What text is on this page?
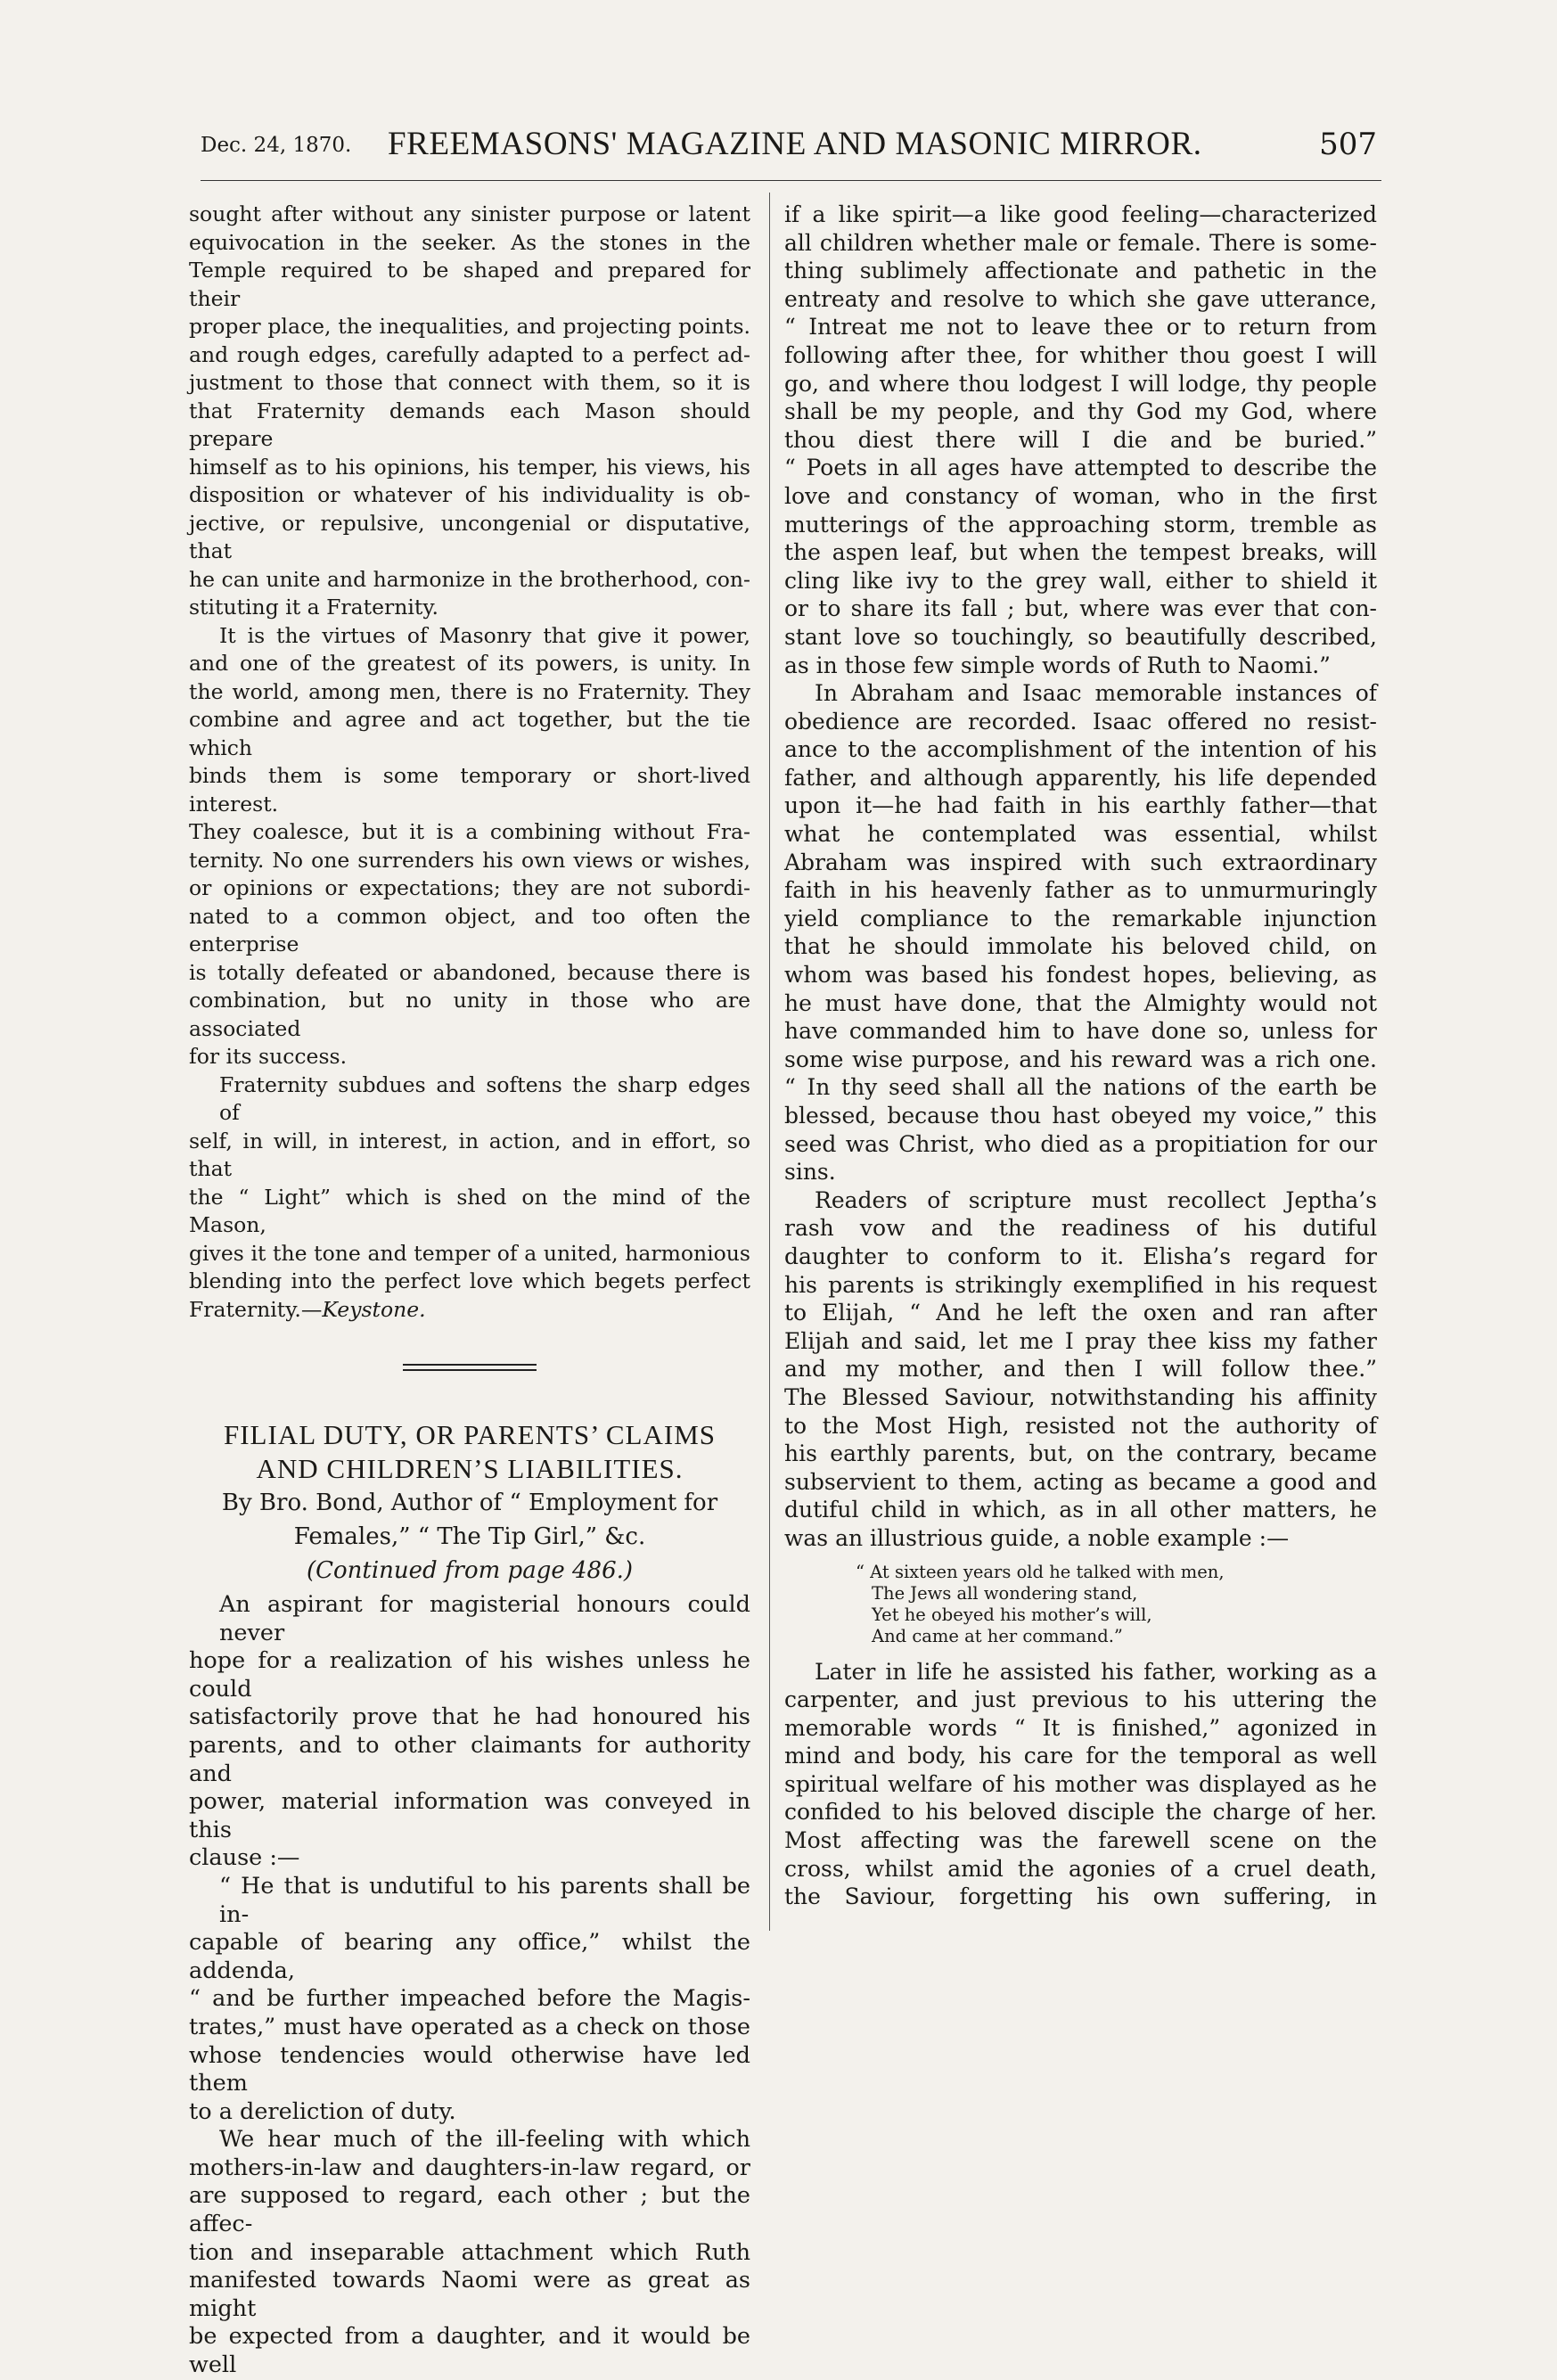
Dec. 24, 1870. FREEMASONS' MAGAZINE AND MASONIC MIRROR.	507

sought after without any sinister purpose or latent
equivocation in the seeker. As the stones in the
Temple required to be shaped and prepared for their
proper place, the inequalities, and projecting points.
and rough edges, carefully adapted to a perfect ad-
justment to those that connect with them, so it is
that Fraternity demands each Mason should prepare
himself as to his opinions, his temper, his views, his
disposition or whatever of his individuality is ob-
jective, or repulsive, uncongenial or disputative, that
he can unite and harmonize in the brotherhood, con-
stituting it a Fraternity.

It is the virtues of Masonry that give it power,
and one of the greatest of its powers, is unity. In
the world, among men, there is no Fraternity. They
combine and agree and act together, but the tie which
binds them is some temporary or short-lived interest.
They coalesce, but it is a combining without Fra-
ternity. No one surrenders his own views or wishes,
or opinions or expectations; they are not subordi-
nated to a common object, and too often the enterprise
is totally defeated or abandoned, because there is
combination, but no unity in those who are associated
for its success.

Fraternity subdues and softens the sharp edges of
self, in will, in interest, in action, and in effort, so that
the “ Light” which is shed on the mind of the Mason,
gives it the tone and temper of a united, harmonious
blending into the perfect love which begets perfect

Fraternity.—Keystone.

FILIAL DUTY, OR PARENTS’ CLAIMS

AND CHILDREN’S LIABILITIES.

By Bro. Bond, Author of “ Employment for

Females,” “ The Tip Girl,” &c.

(Continued from page 486.)

An aspirant for magisterial honours could never
hope for a realization of his wishes unless he could
satisfactorily prove that he had honoured his
parents, and to other claimants for authority and
power, material information was conveyed in this
clause :—

“ He that is undutiful to his parents shall be in-
capable of bearing any office,” whilst the addenda,
“ and be further impeached before the Magis-
trates,” must have operated as a check on those
whose tendencies would otherwise have led them
to a dereliction of duty.

We hear much of the ill-feeling with which
mothers-in-law and daughters-in-law regard, or
are supposed to regard, each other ; but the affec-
tion and inseparable attachment which Ruth
manifested towards Naomi were as great as might
be expected from a daughter, and it would be well

if a like spirit—a like good feeling—characterized
all children whether male or female. There is some-
thing sublimely affectionate and pathetic in the
entreaty and resolve to which she gave utterance,
“ Intreat me not to leave thee or to return from
following after thee, for whither thou goest I will
go, and where thou lodgest I will lodge, thy people
shall be my people, and thy God my God, where
thou diest there will I die and be buried.”
“ Poets in all ages have attempted to describe the
love and constancy of woman, who in the first
mutterings of the approaching storm, tremble as
the aspen leaf, but when the tempest breaks, will
cling like ivy to the grey wall, either to shield it
or to share its fall ; but, where was ever that con-
stant love so touchingly, so beautifully described,
as in those few simple words of Ruth to Naomi.”

In Abraham and Isaac memorable instances of
obedience are recorded. Isaac offered no resist-
ance to the accomplishment of the intention of his
father, and although apparently, his life depended
upon it—he had faith in his earthly father—that
what he contemplated was essential, whilst
Abraham was inspired with such extraordinary
faith in his heavenly father as to unmurmuringly
yield compliance to the remarkable injunction
that he should immolate his beloved child, on
whom was based his fondest hopes, believing, as
he must have done, that the Almighty would not
have commanded him to have done so, unless for
some wise purpose, and his reward was a rich one.
“ In thy seed shall all the nations of the earth be
blessed, because thou hast obeyed my voice,” this
seed was Christ, who died as a propitiation for our
sins.

Readers of scripture must recollect Jeptha’s
rash vow and the readiness of his dutiful
daughter to conform to it. Elisha’s regard for
his parents is strikingly exemplified in his request
to Elijah, “ And he left the oxen and ran after
Elijah and said, let me I pray thee kiss my father
and my mother, and then I will follow thee.”
The Blessed Saviour, notwithstanding his affinity
to the Most High, resisted not the authority of
his earthly parents, but, on the contrary, became
subservient to them, acting as became a good and
dutiful child in which, as in all other matters, he
was an illustrious guide, a noble example :—

“ At sixteen years old he talked with men,
The Jews all wondering stand,
Yet he obeyed his mother’s will,
And came at her command.”

Later in life he assisted his father, working as a
carpenter, and just previous to his uttering the
memorable words “ It is finished,” agonized in
mind and body, his care for the temporal as well
spiritual welfare of his mother was displayed as he
confided to his beloved disciple the charge of her.
Most affecting was the farewell scene on the
cross, whilst amid the agonies of a cruel death,
the Saviour, forgetting his own suffering, in
